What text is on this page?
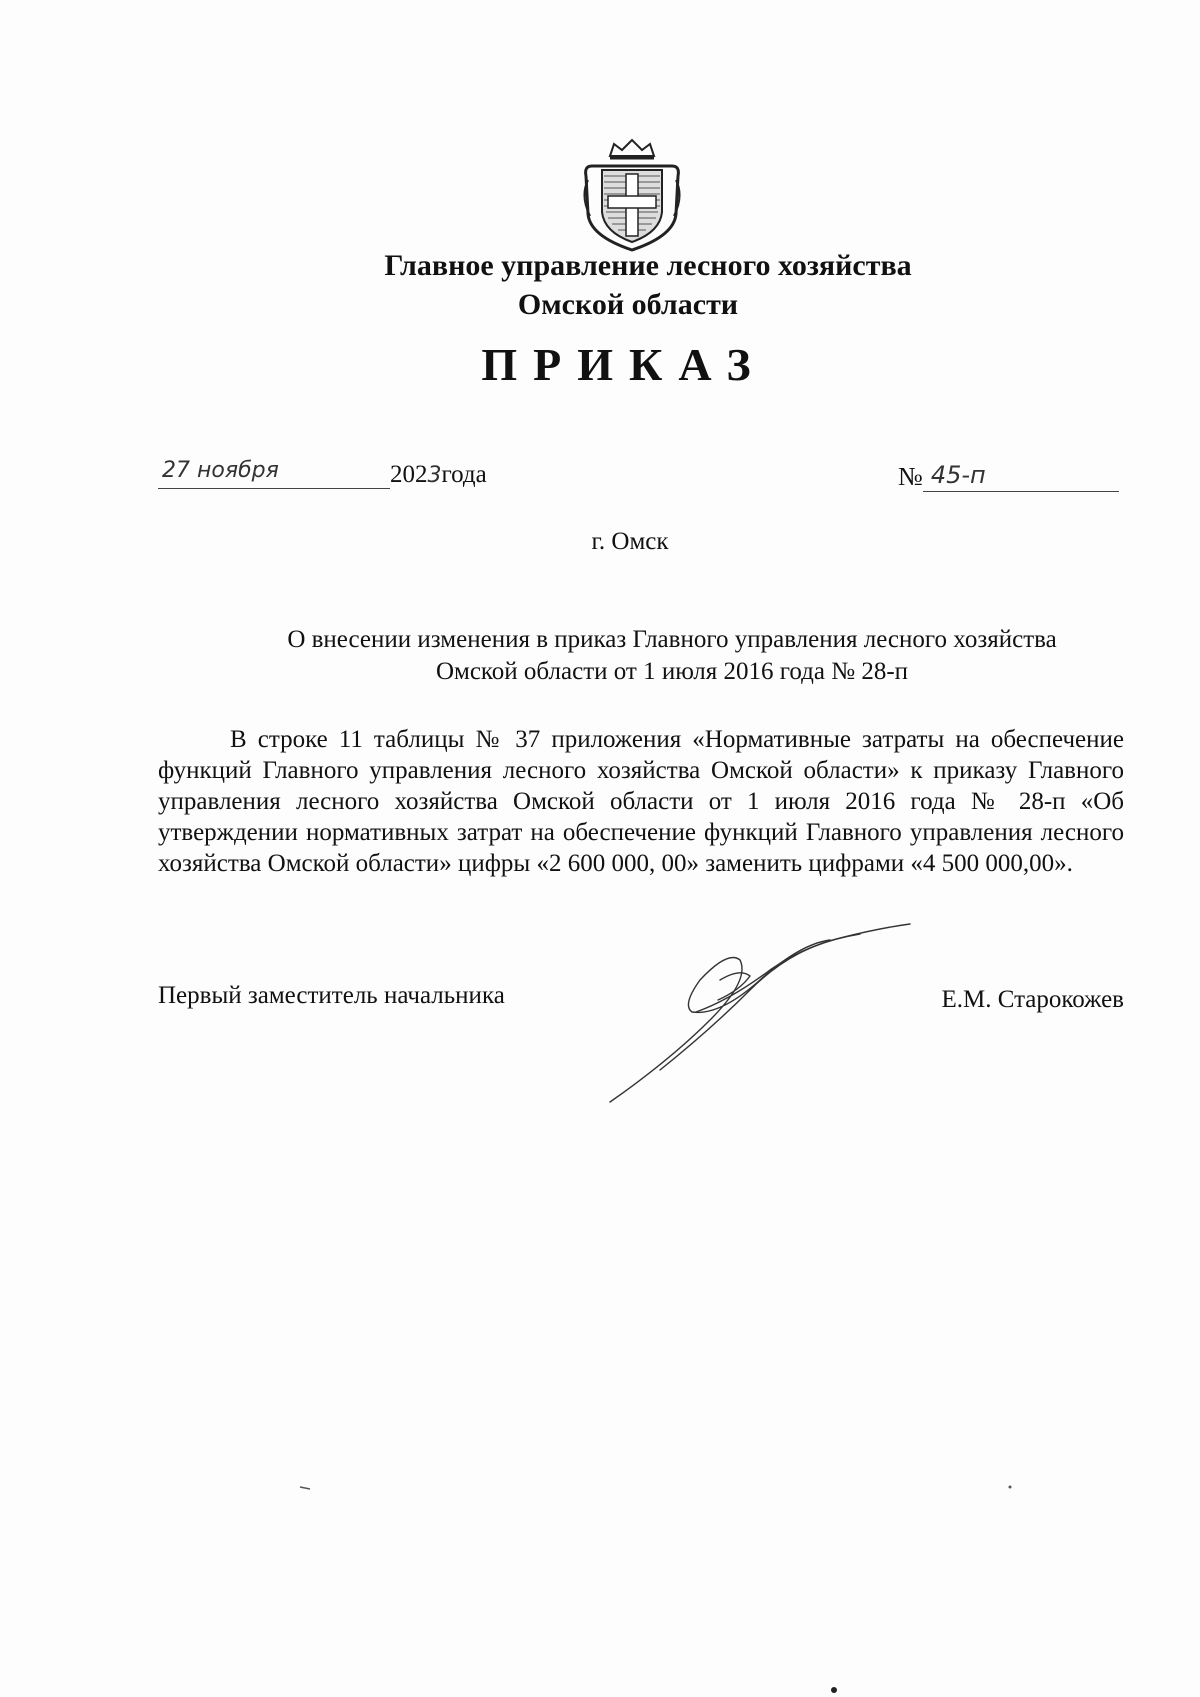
Главное управление лесного хозяйства
Омской области
ПРИКАЗ
27 ноября	2023года	№ 45-п
г. Омск
О внесении изменения в приказ Главного управления лесного хозяйства
Омской области от 1 июля 2016 года № 28-п
В строке 11 таблицы № 37 приложения «Нормативные затраты на обеспечение функций Главного управления лесного хозяйства Омской области» к приказу Главного управления лесного хозяйства Омской области от 1 июля 2016 года № 28-п «Об утверждении нормативных затрат на обеспечение функций Главного управления лесного хозяйства Омской области» цифры «2 600 000, 00» заменить цифрами «4 500 000,00».
Первый заместитель начальника	Е.М. Старокожев
